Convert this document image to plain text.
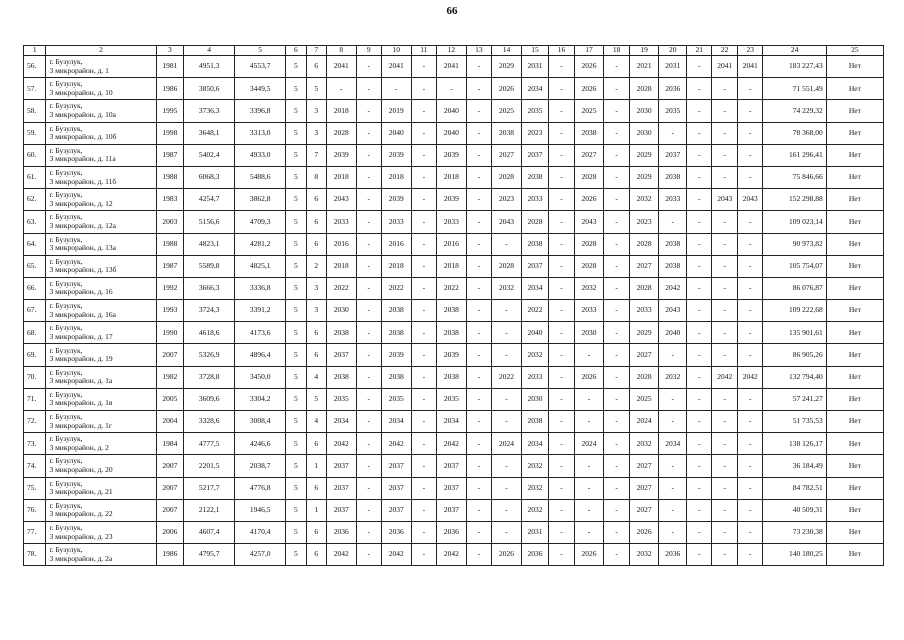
66
1	2	3	4	5	6	7	8	9	10	11	12	13	14	15	16	17	18	19	20	21	22	23	24	25
56.	г. Бузулук,
3 микрорайон, д. 1	1981	4951,3	4553,7	5	6	2041	-	2041	-	2041	-	2029	2031	-	2026	-	2021	2031	-	2041	2041	183 227,43	Нет
57.	г. Бузулук,
3 микрорайон, д. 10	1986	3850,6	3449,5	5	5	-	-	-	-	-	-	2026	2034	-	2026	-	2028	2036	-	-	-	71 551,49	Нет
58.	г. Бузулук,
3 микрорайон, д. 10а	1995	3736,3	3396,8	5	3	2018	-	2019	-	2040	-	2025	2035	-	2025	-	2030	2035	-	-	-	74 229,32	Нет
59.	г. Бузулук,
3 микрорайон, д. 10б	1998	3648,1	3313,0	5	3	2028	-	2040	-	2040	-	2038	2023	-	2038	-	2030	-	-	-	-	78 368,00	Нет
60.	г. Бузулук,
3 микрорайон, д. 11а	1987	5402,4	4933,0	5	7	2039	-	2039	-	2039	-	2027	2037	-	2027	-	2029	2037	-	-	-	161 296,41	Нет
61.	г. Бузулук,
3 микрорайон, д. 11б	1988	6068,3	5488,6	5	8	2018	-	2018	-	2018	-	2028	2038	-	2028	-	2029	2038	-	-	-	75 846,66	Нет
62.	г. Бузулук,
3 микрорайон, д. 12	1983	4254,7	3862,8	5	6	2043	-	2039	-	2039	-	2023	2033	-	2026	-	2032	2033	-	2043	2043	152 298,88	Нет
63.	г. Бузулук,
3 микрорайон, д. 12а	2003	5156,6	4709,3	5	6	2033	-	2033	-	2033	-	2043	2028	-	2043	-	2023	-	-	-	-	109 023,14	Нет
64.	г. Бузулук,
3 микрорайон, д. 13а	1988	4823,1	4281,2	5	6	2016	-	2016	-	2016	-	-	2038	-	2028	-	2028	2038	-	-	-	90 973,82	Нет
65.	г. Бузулук,
3 микрорайон, д. 13б	1987	5589,8	4825,1	5	2	2018	-	2018	-	2018	-	2028	2037	-	2028	-	2027	2038	-	-	-	105 754,07	Нет
66.	г. Бузулук,
3 микрорайон, д. 16	1992	3666,3	3336,8	5	3	2022	-	2022	-	2022	-	2032	2034	-	2032	-	2028	2042	-	-	-	86 076,87	Нет
67.	г. Бузулук,
3 микрорайон, д. 16а	1993	3724,3	3391,2	5	3	2030	-	2038	-	2038	-	-	2022	-	2033	-	2033	2043	-	-	-	109 222,68	Нет
68.	г. Бузулук,
3 микрорайон, д. 17	1990	4618,6	4173,6	5	6	2038	-	2038	-	2038	-	-	2040	-	2030	-	2029	2040	-	-	-	135 901,61	Нет
69.	г. Бузулук,
3 микрорайон, д. 19	2007	5326,9	4896,4	5	6	2037	-	2039	-	2039	-	-	2032	-	-	-	2027	-	-	-	-	86 905,26	Нет
70.	г. Бузулук,
3 микрорайон, д. 1а	1982	3728,8	3450,0	5	4	2038	-	2038	-	2038	-	2022	2033	-	2026	-	2028	2032	-	2042	2042	132 794,40	Нет
71.	г. Бузулук,
3 микрорайон, д. 1в	2005	3609,6	3304,2	5	5	2035	-	2035	-	2035	-	-	2030	-	-	-	2025	-	-	-	-	57 241,27	Нет
72.	г. Бузулук,
3 микрорайон, д. 1г	2004	3328,6	3008,4	5	4	2034	-	2034	-	2034	-	-	2038	-	-	-	2024	-	-	-	-	51 735,53	Нет
73.	г. Бузулук,
3 микрорайон, д. 2	1984	4777,5	4246,6	5	6	2042	-	2042	-	2042	-	2024	2034	-	2024	-	2032	2034	-	-	-	138 126,17	Нет
74.	г. Бузулук,
3 микрорайон, д. 20	2007	2201,5	2038,7	5	1	2037	-	2037	-	2037	-	-	2032	-	-	-	2027	-	-	-	-	36 184,49	Нет
75.	г. Бузулук,
3 микрорайон, д. 21	2007	5217,7	4776,8	5	6	2037	-	2037	-	2037	-	-	2032	-	-	-	2027	-	-	-	-	84 782,51	Нет
76.	г. Бузулук,
3 микрорайон, д. 22	2007	2122,1	1946,5	5	1	2037	-	2037	-	2037	-	-	2032	-	-	-	2027	-	-	-	-	40 509,31	Нет
77.	г. Бузулук,
3 микрорайон, д. 23	2006	4607,4	4170,4	5	6	2036	-	2036	-	2036	-	-	2031	-	-	-	2026	-	-	-	-	73 230,38	Нет
78.	г. Бузулук,
3 микрорайон, д. 2а	1986	4795,7	4257,0	5	6	2042	-	2042	-	2042	-	2026	2036	-	2026	-	2032	2036	-	-	-	140 180,25	Нет
